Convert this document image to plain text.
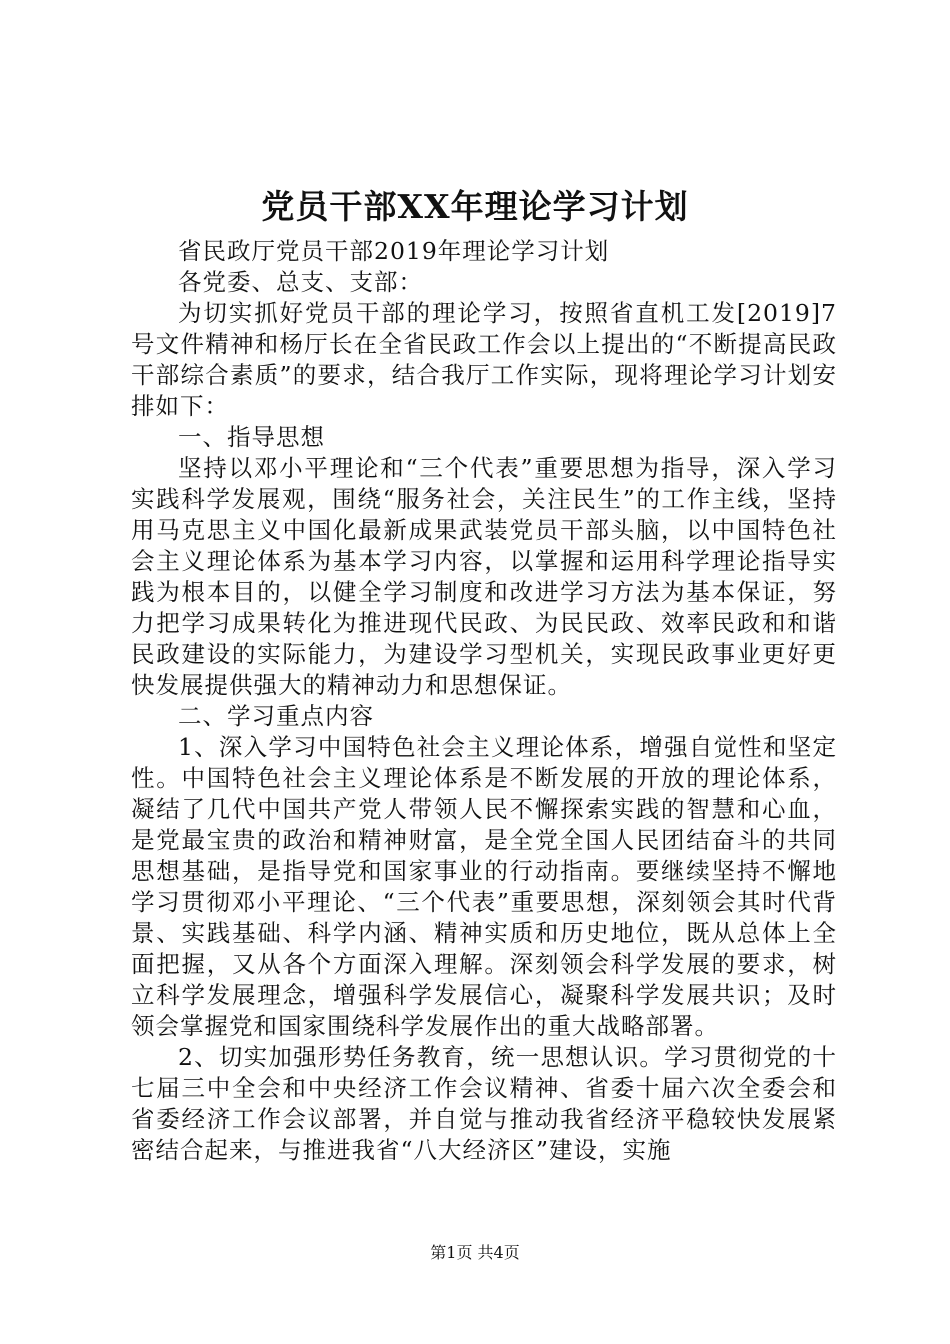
党员干部XX年理论学习计划

省民政厅党员干部2019年理论学习计划

各党委、总支、支部：

为切实抓好党员干部的理论学习，按照省直机工发[2019]7号文件精神和杨厅长在全省民政工作会以上提出的“不断提高民政干部综合素质”的要求，结合我厅工作实际，现将理论学习计划安排如下：

一、指导思想

坚持以邓小平理论和“三个代表”重要思想为指导，深入学习实践科学发展观，围绕“服务社会，关注民生”的工作主线，坚持用马克思主义中国化最新成果武装党员干部头脑，以中国特色社会主义理论体系为基本学习内容，以掌握和运用科学理论指导实践为根本目的，以健全学习制度和改进学习方法为基本保证，努力把学习成果转化为推进现代民政、为民民政、效率民政和和谐民政建设的实际能力，为建设学习型机关，实现民政事业更好更快发展提供强大的精神动力和思想保证。

二、学习重点内容

1、深入学习中国特色社会主义理论体系，增强自觉性和坚定性。中国特色社会主义理论体系是不断发展的开放的理论体系，凝结了几代中国共产党人带领人民不懈探索实践的智慧和心血，是党最宝贵的政治和精神财富，是全党全国人民团结奋斗的共同思想基础，是指导党和国家事业的行动指南。要继续坚持不懈地学习贯彻邓小平理论、“三个代表”重要思想，深刻领会其时代背景、实践基础、科学内涵、精神实质和历史地位，既从总体上全面把握，又从各个方面深入理解。深刻领会科学发展的要求，树立科学发展理念，增强科学发展信心，凝聚科学发展共识；及时领会掌握党和国家围绕科学发展作出的重大战略部署。

2、切实加强形势任务教育，统一思想认识。学习贯彻党的十七届三中全会和中央经济工作会议精神、省委十届六次全委会和省委经济工作会议部署，并自觉与推动我省经济平稳较快发展紧密结合起来，与推进我省“八大经济区”建设，实施

第1页 共4页
